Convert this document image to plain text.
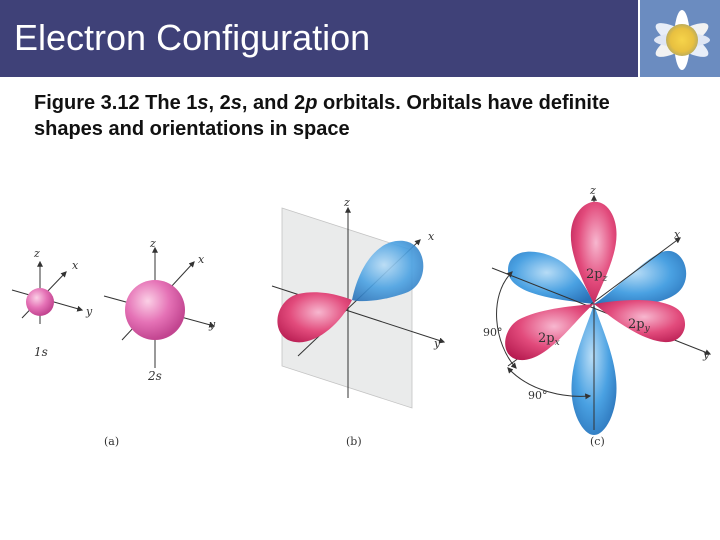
Electron Configuration
Figure 3.12 The 1s, 2s, and 2p orbitals. Orbitals have definite shapes and orientations in space
z
x
y
1s
z
x
y
2s
(a)
z
x
y
(b)
z
x
y
$2p_z$
$2p_x$
$2p_y$
90°
90°
(c)
